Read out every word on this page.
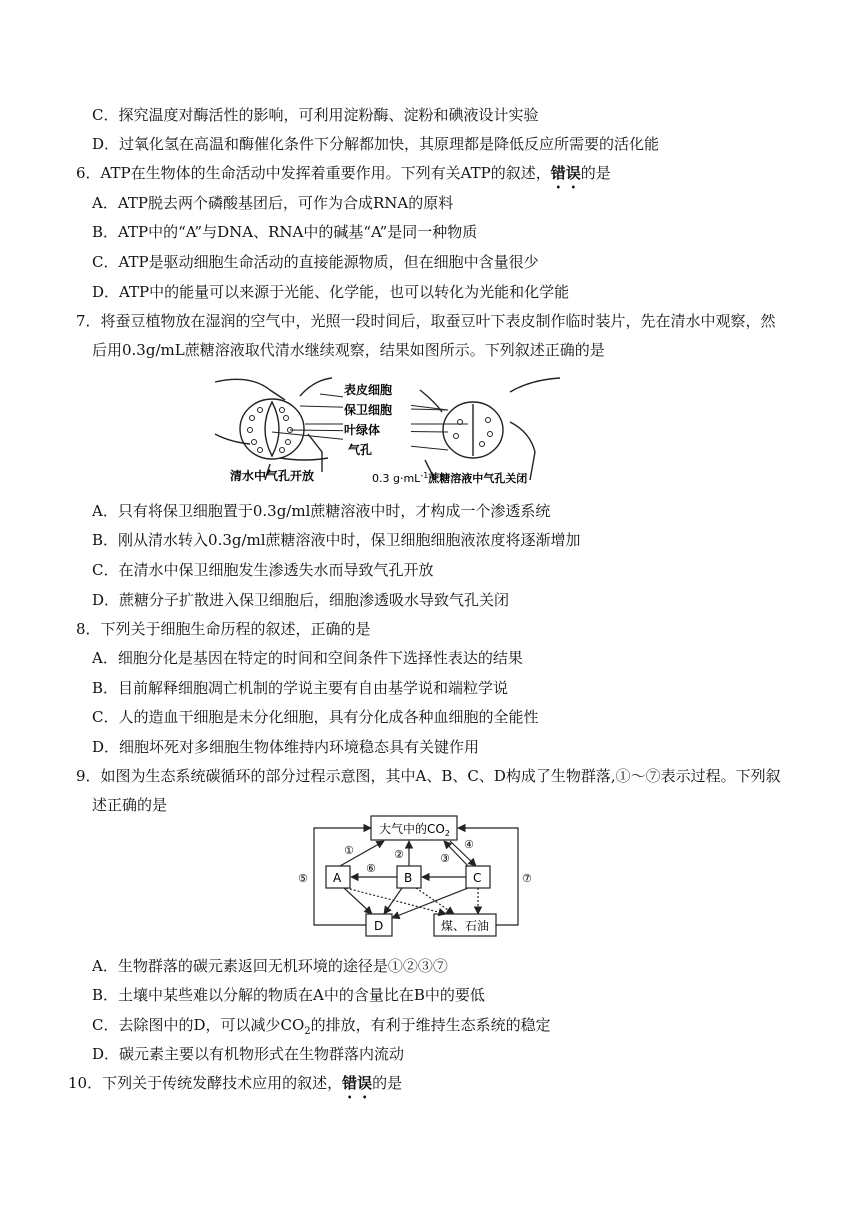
C．探究温度对酶活性的影响，可利用淀粉酶、淀粉和碘液设计实验
D．过氧化氢在高温和酶催化条件下分解都加快，其原理都是降低反应所需要的活化能
6．ATP在生物体的生命活动中发挥着重要作用。下列有关ATP的叙述，错误的是
A．ATP脱去两个磷酸基团后，可作为合成RNA的原料
B．ATP中的“A”与DNA、RNA中的碱基“A”是同一种物质
C．ATP是驱动细胞生命活动的直接能源物质，但在细胞中含量很少
D．ATP中的能量可以来源于光能、化学能，也可以转化为光能和化学能
7．将蚕豆植物放在湿润的空气中，光照一段时间后，取蚕豆叶下表皮制作临时装片，先在清水中观察，然
后用0.3g/mL蔗糖溶液取代清水继续观察，结果如图所示。下列叙述正确的是
表皮细胞
保卫细胞
叶绿体
气孔
清水中气孔开放	0.3 $g\cdot mL^{-1}$蔗糖溶液中气孔关闭
A．只有将保卫细胞置于0.3g/ml蔗糖溶液中时，才构成一个渗透系统
B．刚从清水转入0.3g/ml蔗糖溶液中时，保卫细胞细胞液浓度将逐渐增加
C．在清水中保卫细胞发生渗透失水而导致气孔开放
D．蔗糖分子扩散进入保卫细胞后，细胞渗透吸水导致气孔关闭
8．下列关于细胞生命历程的叙述，正确的是
A．细胞分化是基因在特定的时间和空间条件下选择性表达的结果
B．目前解释细胞凋亡机制的学说主要有自由基学说和端粒学说
C．人的造血干细胞是未分化细胞，具有分化成各种血细胞的全能性
D．细胞坏死对多细胞生物体维持内环境稳态具有关键作用
9．如图为生态系统碳循环的部分过程示意图，其中A、B、C、D构成了生物群落,①～⑦表示过程。下列叙
述正确的是
大气中的$CO_2$
A	B	C
D	煤、石油
①	②	③
④
⑤
⑥
⑦
A．生物群落的碳元素返回无机环境的途径是①②③⑦
B．土壤中某些难以分解的物质在A中的含量比在B中的要低
C．去除图中的D，可以减少$CO_2$的排放，有利于维持生态系统的稳定
D．碳元素主要以有机物形式在生物群落内流动
10．下列关于传统发酵技术应用的叙述，错误的是
